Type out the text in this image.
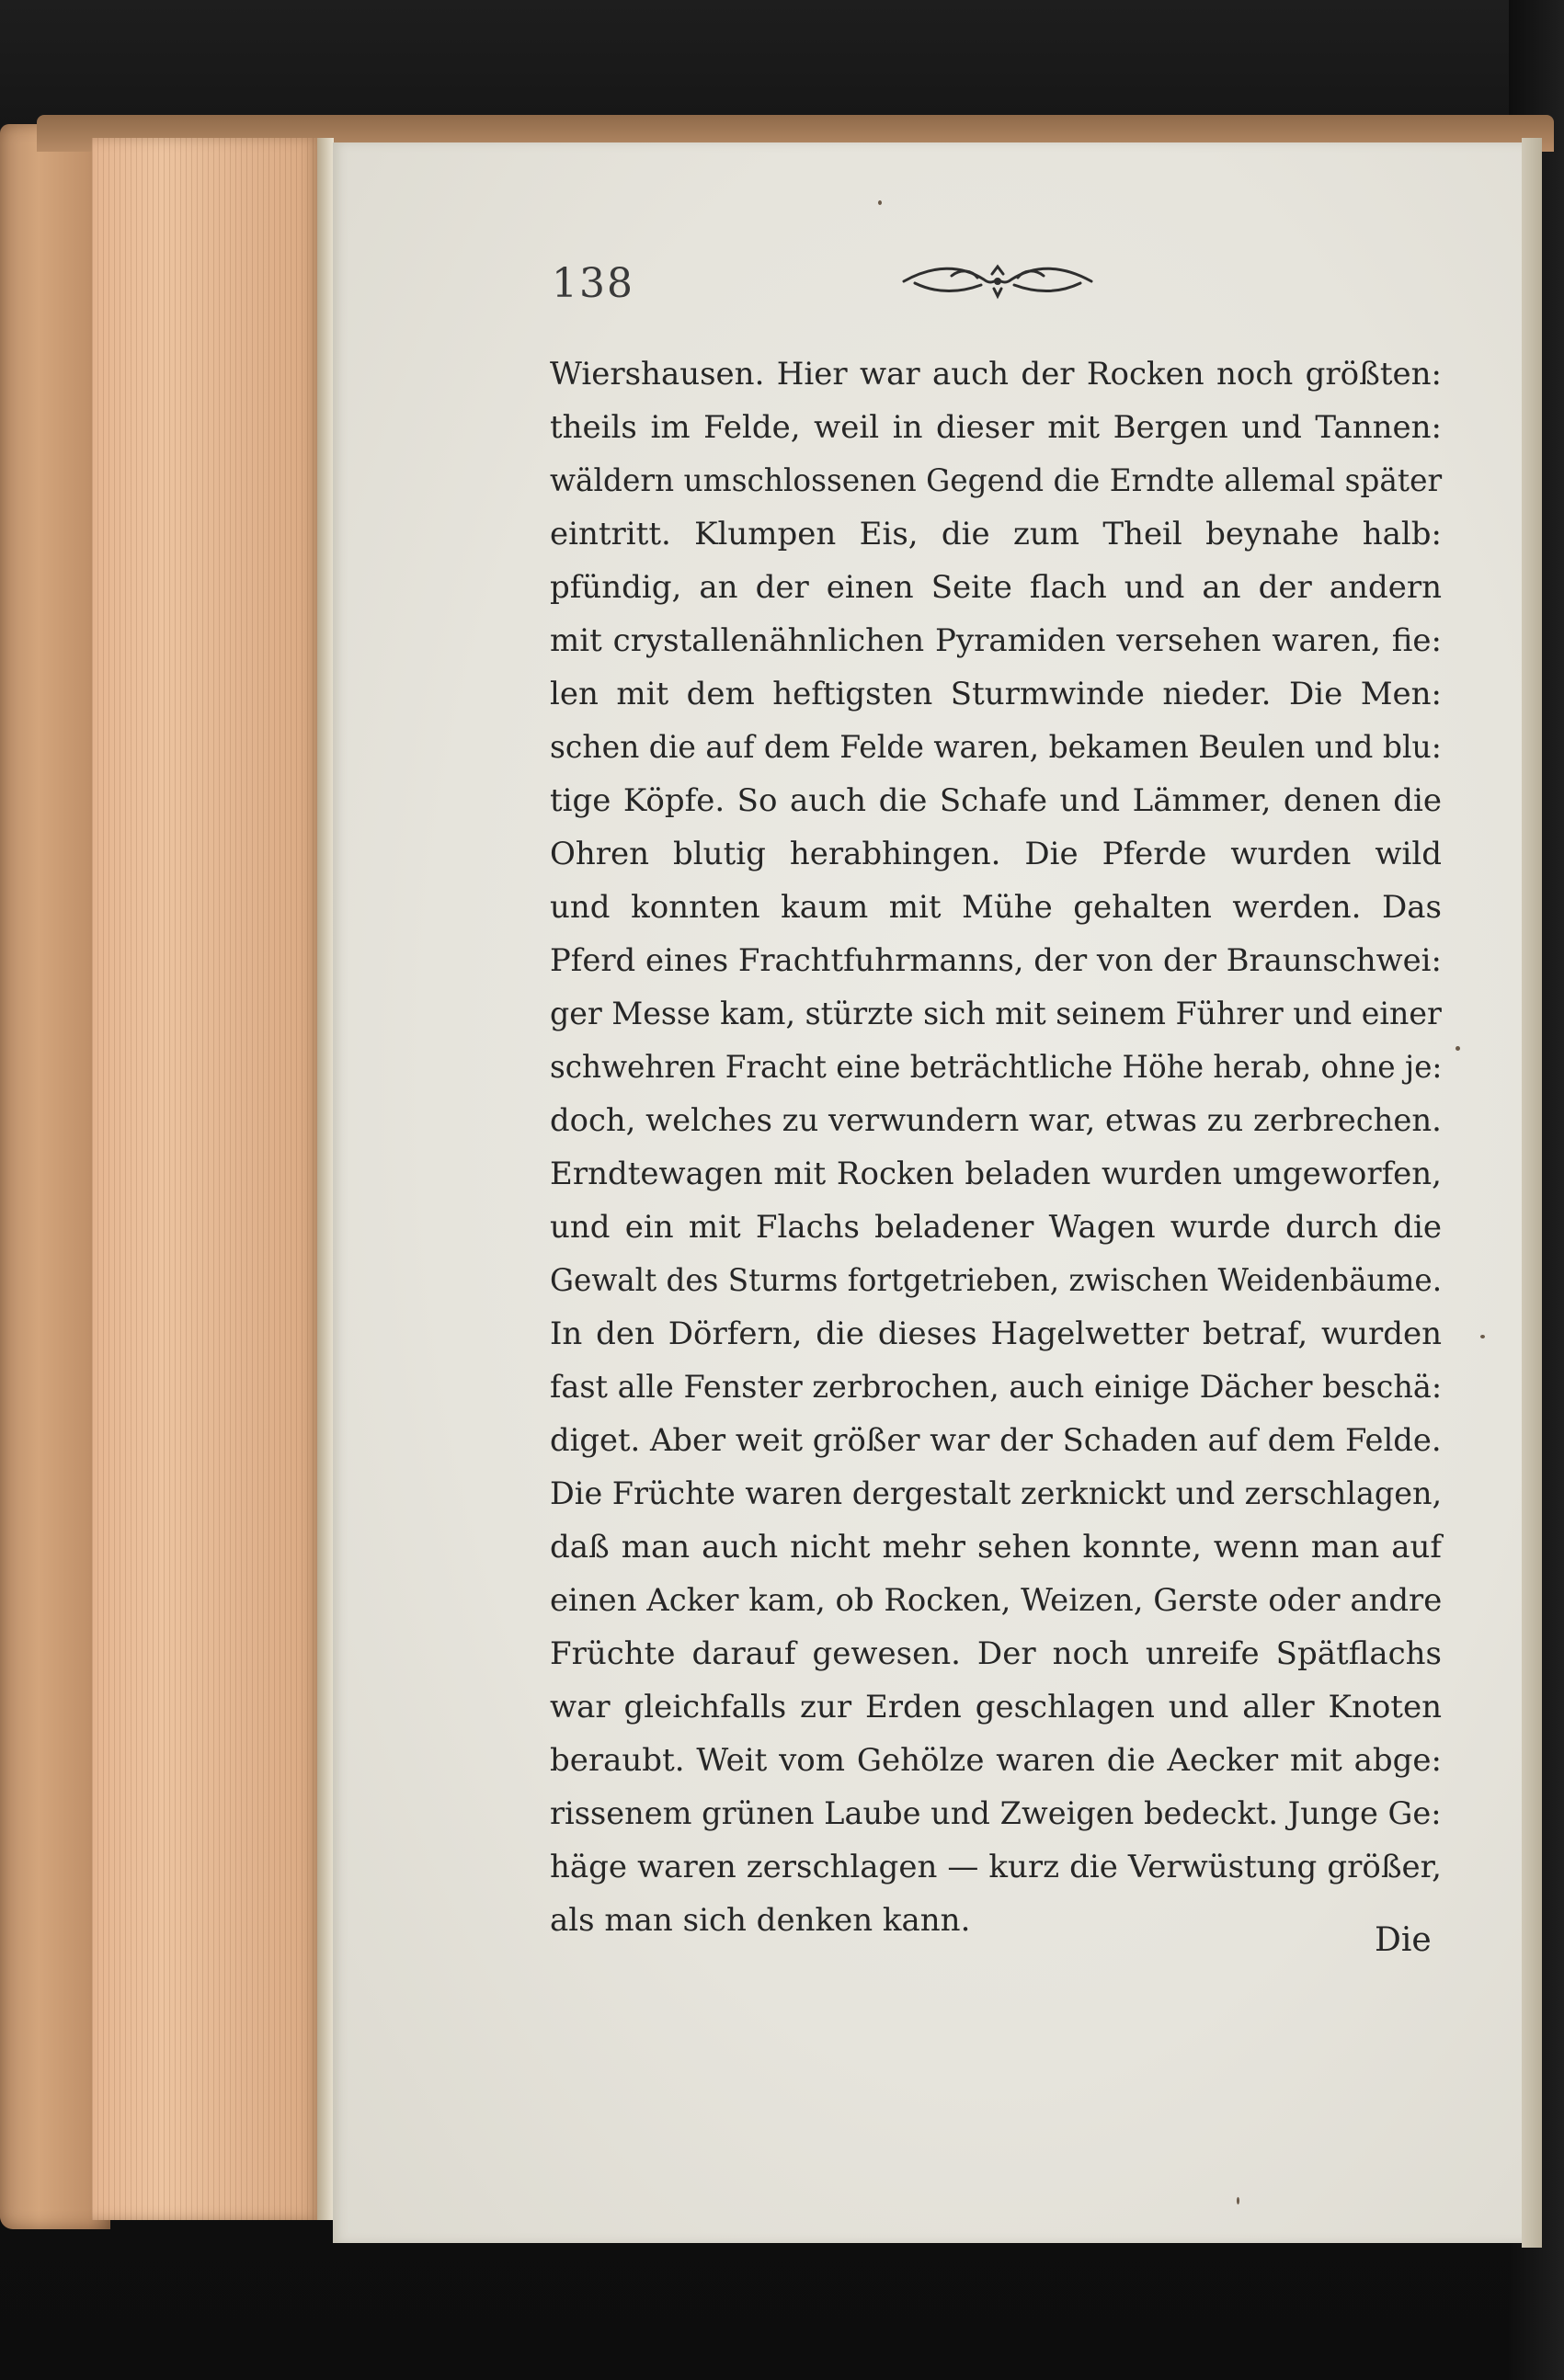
138
Wiershausen. Hier war auch der Rocken noch größten:
theils im Felde, weil in dieser mit Bergen und Tannen:
wäldern umschlossenen Gegend die Erndte allemal später
eintritt. Klumpen Eis, die zum Theil beynahe halb:
pfündig, an der einen Seite flach und an der andern
mit crystallenähnlichen Pyramiden versehen waren, fie:
len mit dem heftigsten Sturmwinde nieder. Die Men:
schen die auf dem Felde waren, bekamen Beulen und blu:
tige Köpfe. So auch die Schafe und Lämmer, denen die
Ohren blutig herabhingen. Die Pferde wurden wild
und konnten kaum mit Mühe gehalten werden. Das
Pferd eines Frachtfuhrmanns, der von der Braunschwei:
ger Messe kam, stürzte sich mit seinem Führer und einer
schwehren Fracht eine beträchtliche Höhe herab, ohne je:
doch, welches zu verwundern war, etwas zu zerbrechen.
Erndtewagen mit Rocken beladen wurden umgeworfen,
und ein mit Flachs beladener Wagen wurde durch die
Gewalt des Sturms fortgetrieben, zwischen Weidenbäume.
In den Dörfern, die dieses Hagelwetter betraf, wurden
fast alle Fenster zerbrochen, auch einige Dächer beschä:
diget. Aber weit größer war der Schaden auf dem Felde.
Die Früchte waren dergestalt zerknickt und zerschlagen,
daß man auch nicht mehr sehen konnte, wenn man auf
einen Acker kam, ob Rocken, Weizen, Gerste oder andre
Früchte darauf gewesen. Der noch unreife Spätflachs
war gleichfalls zur Erden geschlagen und aller Knoten
beraubt. Weit vom Gehölze waren die Aecker mit abge:
rissenem grünen Laube und Zweigen bedeckt. Junge Ge:
häge waren zerschlagen — kurz die Verwüstung größer,
als man sich denken kann.
Die
